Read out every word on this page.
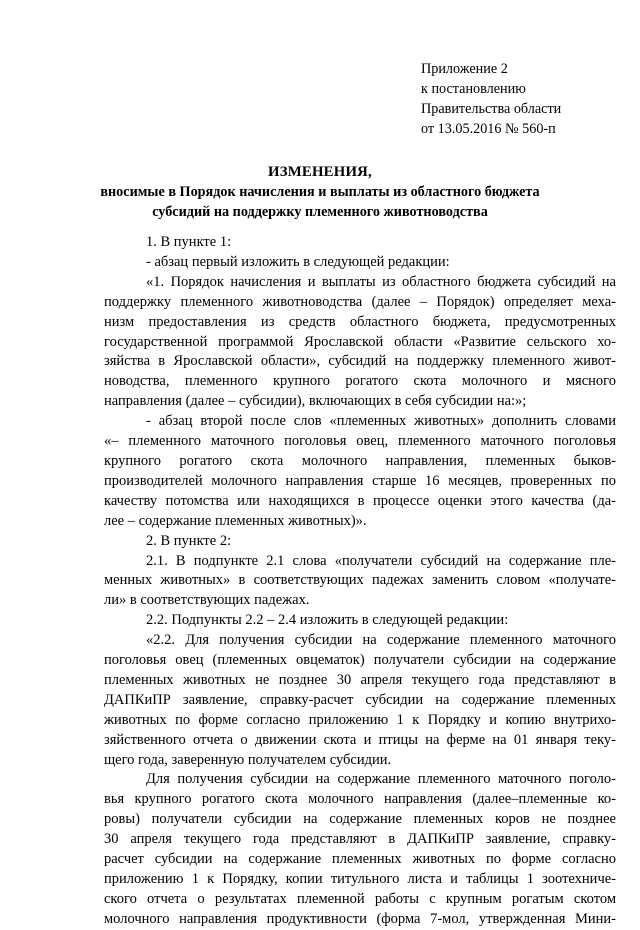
Приложение 2
к постановлению
Правительства области
от 13.05.2016 № 560-п
ИЗМЕНЕНИЯ,
вносимые в Порядок начисления и выплаты из областного бюджета
субсидий на поддержку племенного животноводства
1. В пункте 1:
- абзац первый изложить в следующей редакции:
«1. Порядок начисления и выплаты из областного бюджета субсидий на
поддержку племенного животноводства (далее – Порядок) определяет меха-
низм предоставления из средств областного бюджета, предусмотренных
государственной программой Ярославской области «Развитие сельского хо-
зяйства в Ярославской области», субсидий на поддержку племенного живот-
новодства, племенного крупного рогатого скота молочного и мясного
направления (далее – субсидии), включающих в себя субсидии на:»;
- абзац второй после слов «племенных животных» дополнить словами
«– племенного маточного поголовья овец, племенного маточного поголовья
крупного рогатого скота молочного направления, племенных быков-
производителей молочного направления старше 16 месяцев, проверенных по
качеству потомства или находящихся в процессе оценки этого качества (да-
лее – содержание племенных животных)».
2. В пункте 2:
2.1. В подпункте 2.1 слова «получатели субсидий на содержание пле-
менных животных» в соответствующих падежах заменить словом «получате-
ли» в соответствующих падежах.
2.2. Подпункты 2.2 – 2.4 изложить в следующей редакции:
«2.2. Для получения субсидии на содержание племенного маточного
поголовья овец (племенных овцематок) получатели субсидии на содержание
племенных животных не позднее 30 апреля текущего года представляют в
ДАПКиПР заявление, справку-расчет субсидии на содержание племенных
животных по форме согласно приложению 1 к Порядку и копию внутрихо-
зяйственного отчета о движении скота и птицы на ферме на 01 января теку-
щего года, заверенную получателем субсидии.
Для получения субсидии на содержание племенного маточного поголо-
вья крупного рогатого скота молочного направления (далее–племенные ко-
ровы) получатели субсидии на содержание племенных коров не позднее
30 апреля текущего года представляют в ДАПКиПР заявление, справку-
расчет субсидии на содержание племенных животных по форме согласно
приложению 1 к Порядку, копии титульного листа и таблицы 1 зоотехниче-
ского отчета о результатах племенной работы с крупным рогатым скотом
молочного направления продуктивности (форма 7-мол, утвержденная Мини-
